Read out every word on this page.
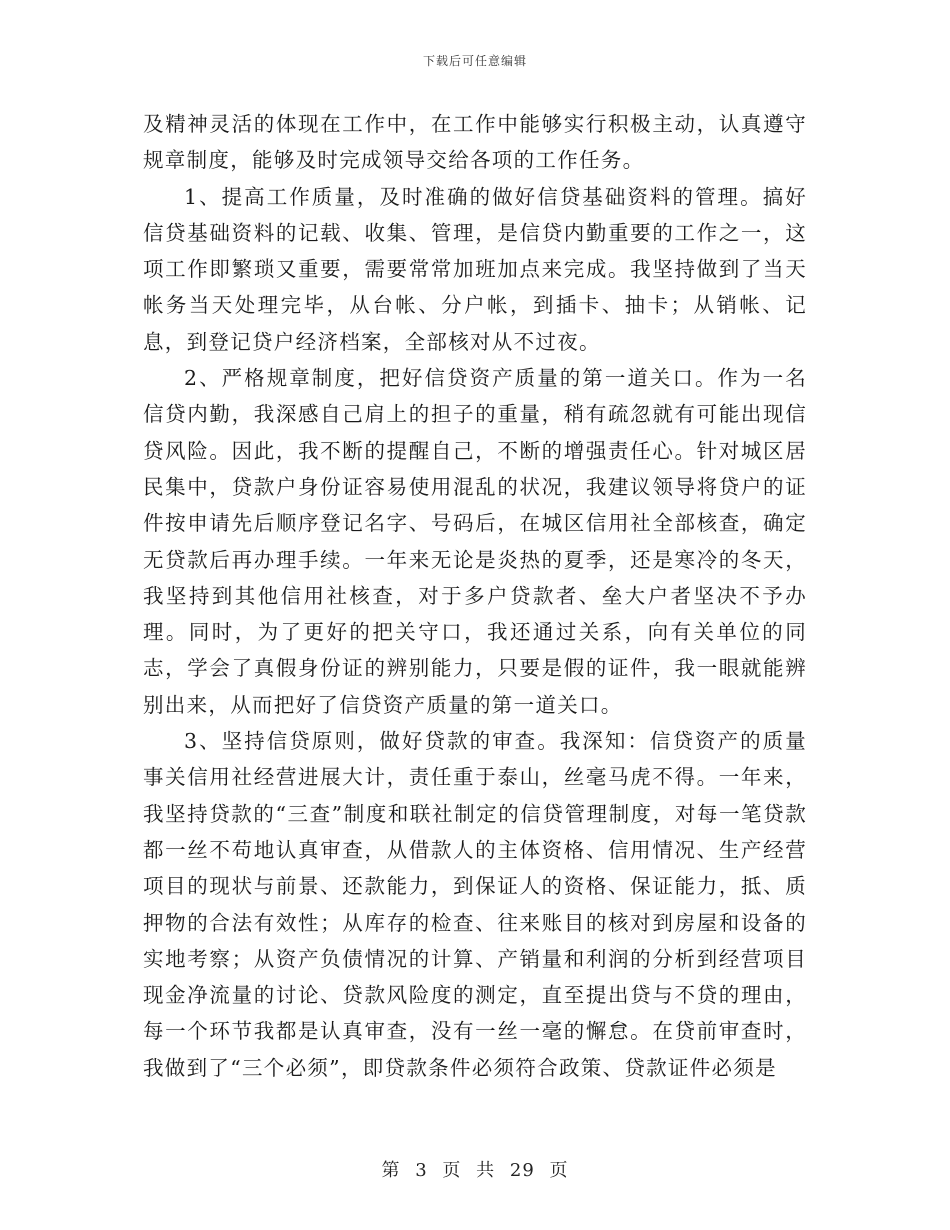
下载后可任意编辑

及精神灵活的体现在工作中，在工作中能够实行积极主动，认真遵守规章制度，能够及时完成领导交给各项的工作任务。

1、提高工作质量，及时准确的做好信贷基础资料的管理。搞好信贷基础资料的记载、收集、管理，是信贷内勤重要的工作之一，这项工作即繁琐又重要，需要常常加班加点来完成。我坚持做到了当天帐务当天处理完毕，从台帐、分户帐，到插卡、抽卡；从销帐、记息，到登记贷户经济档案，全部核对从不过夜。

2、严格规章制度，把好信贷资产质量的第一道关口。作为一名信贷内勤，我深感自己肩上的担子的重量，稍有疏忽就有可能出现信贷风险。因此，我不断的提醒自己，不断的增强责任心。针对城区居民集中，贷款户身份证容易使用混乱的状况，我建议领导将贷户的证件按申请先后顺序登记名字、号码后，在城区信用社全部核查，确定无贷款后再办理手续。一年来无论是炎热的夏季，还是寒冷的冬天，我坚持到其他信用社核查，对于多户贷款者、垒大户者坚决不予办理。同时，为了更好的把关守口，我还通过关系，向有关单位的同志，学会了真假身份证的辨别能力，只要是假的证件，我一眼就能辨别出来，从而把好了信贷资产质量的第一道关口。

3、坚持信贷原则，做好贷款的审查。我深知：信贷资产的质量事关信用社经营进展大计，责任重于泰山，丝毫马虎不得。一年来，我坚持贷款的“三查”制度和联社制定的信贷管理制度，对每一笔贷款都一丝不苟地认真审查，从借款人的主体资格、信用情况、生产经营项目的现状与前景、还款能力，到保证人的资格、保证能力，抵、质押物的合法有效性；从库存的检查、往来账目的核对到房屋和设备的实地考察；从资产负债情况的计算、产销量和利润的分析到经营项目现金净流量的讨论、贷款风险度的测定，直至提出贷与不贷的理由，每一个环节我都是认真审查，没有一丝一毫的懈怠。在贷前审查时，我做到了“三个必须”，即贷款条件必须符合政策、贷款证件必须是

第 3 页 共 29 页
